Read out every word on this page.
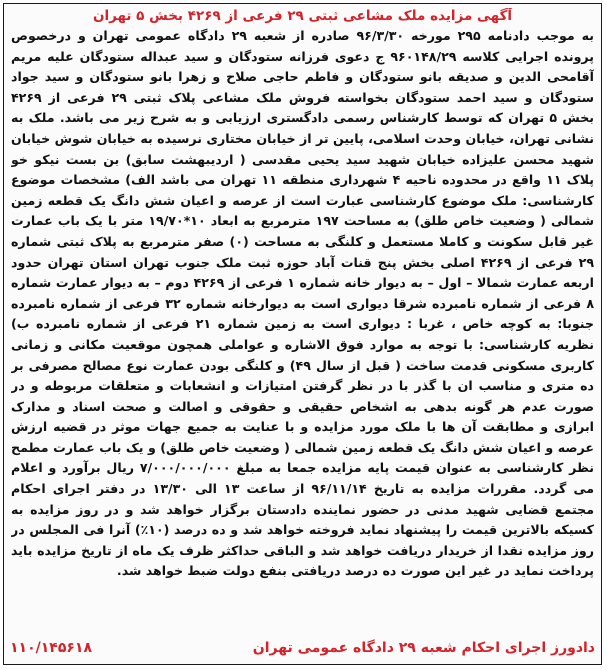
آگهی مزایده ملک مشاعی ثبتی ۲۹ فرعی از ۴۲۶۹ بخش ۵ تهران
به موجب دادنامه ۲۹۵ مورخه ۹۶/۳/۳۰ صادره از شعبه ۲۹ دادگاه عمومی تهران و درخصوص پرونده اجرایی کلاسه ۹۶۰۱۴۸/۲۹ ج دعوی فرزانه ستودگان و سید عبداله ستودگان علیه مریم آقامحی الدین و صدیقه بانو ستودگان و فاطم حاجی صلاح و زهرا بانو ستودگان و سید جواد ستودگان و سید احمد ستودگان بخواسته فروش ملک مشاعی پلاک ثبتی ۲۹ فرعی از ۴۲۶۹ بخش ۵ تهران که توسط کارشناس رسمی دادگستری ارزیابی و به شرح زیر می باشد. ملک به نشانی تهران، خیابان وحدت اسلامی، پایین تر از خیابان مختاری نرسیده به خیابان شوش خیابان شهید محسن علیزاده خیابان شهید سید یحیی مقدسی ( اردیبهشت سابق) بن بست نیکو خو پلاک ۱۱ واقع در محدوده ناحیه ۴ شهرداری منطقه ۱۱ تهران می باشد الف) مشخصات موضوع کارشناسی: ملک موضوع کارشناسی عبارت است از عرصه و اعیان شش دانگ یک قطعه زمین شمالی ( وضعیت خاص طلق) به مساحت ۱۹۷ مترمربع به ابعاد ۱۰*۱۹/۷۰ متر با یک باب عمارت غیر قابل سکونت و کاملا مستعمل و کلنگی به مساحت (۰) صفر مترمربع به پلاک ثبتی شماره ۲۹ فرعی از ۴۲۶۹ اصلی بخش پنج قنات آباد حوزه ثبت ملک جنوب تهران استان تهران حدود اربعه عمارت شمالا – اول – به دیوار خانه شماره ۱ فرعی از ۴۲۶۹ دوم – به دیوار عمارت شماره ۸ فرعی از شماره نامبرده شرقا دیواری است به دیوارخانه شماره ۳۲ فرعی از شماره نامبرده جنوبا: به کوچه خاص ، غربا : دیواری است به زمین شماره ۲۱ فرعی از شماره نامبرده ب) نظریه کارشناسی: با توجه به موارد فوق الاشاره و عواملی همچون موقعیت مکانی و زمانی کاربری مسکونی قدمت ساخت ( قبل از سال ۴۹) و کلنگی بودن عمارت نوع مصالح مصرفی بر ده متری و مناسب ان با گذر با در نظر گرفتن امتیازات و انشعابات و متعلقات مربوطه و در صورت عدم هر گونه بدهی به اشخاص حقیقی و حقوقی و اصالت و صحت اسناد و مدارک ابرازی و مطابقت آن ها با ملک مورد مزایده و با عنایت به جمیع جهات موثر در قضیه ارزش عرصه و اعیان شش دانگ یک قطعه زمین شمالی ( وضعیت خاص طلق) و یک باب عمارت مطمح نظر کارشناسی به عنوان قیمت پایه مزایده جمعا به مبلغ ۷/۰۰۰/۰۰۰/۰۰۰ ریال برآورد و اعلام می گردد. مقررات مزایده به تاریخ ۹۶/۱۱/۱۴ از ساعت ۱۳ الی ۱۳/۳۰ در دفتر اجرای احکام مجتمع قضایی شهید مدنی در حضور نماینده دادستان برگزار خواهد شد و در روز مزایده به کسیکه بالاترین قیمت را پیشنهاد نماید فروخته خواهد شد و ده درصد (۱۰٪) آنرا فی المجلس در روز مزایده نقدا از خریدار دریافت خواهد شد و الباقی حداکثر ظرف یک ماه از تاریخ مزایده باید پرداخت نماید در غیر این صورت ده درصد دریافتی بنفع دولت ضبط خواهد شد.
دادورز اجرای احکام شعبه ۲۹ دادگاه عمومی تهران
۱۱۰/۱۴۵۶۱۸
